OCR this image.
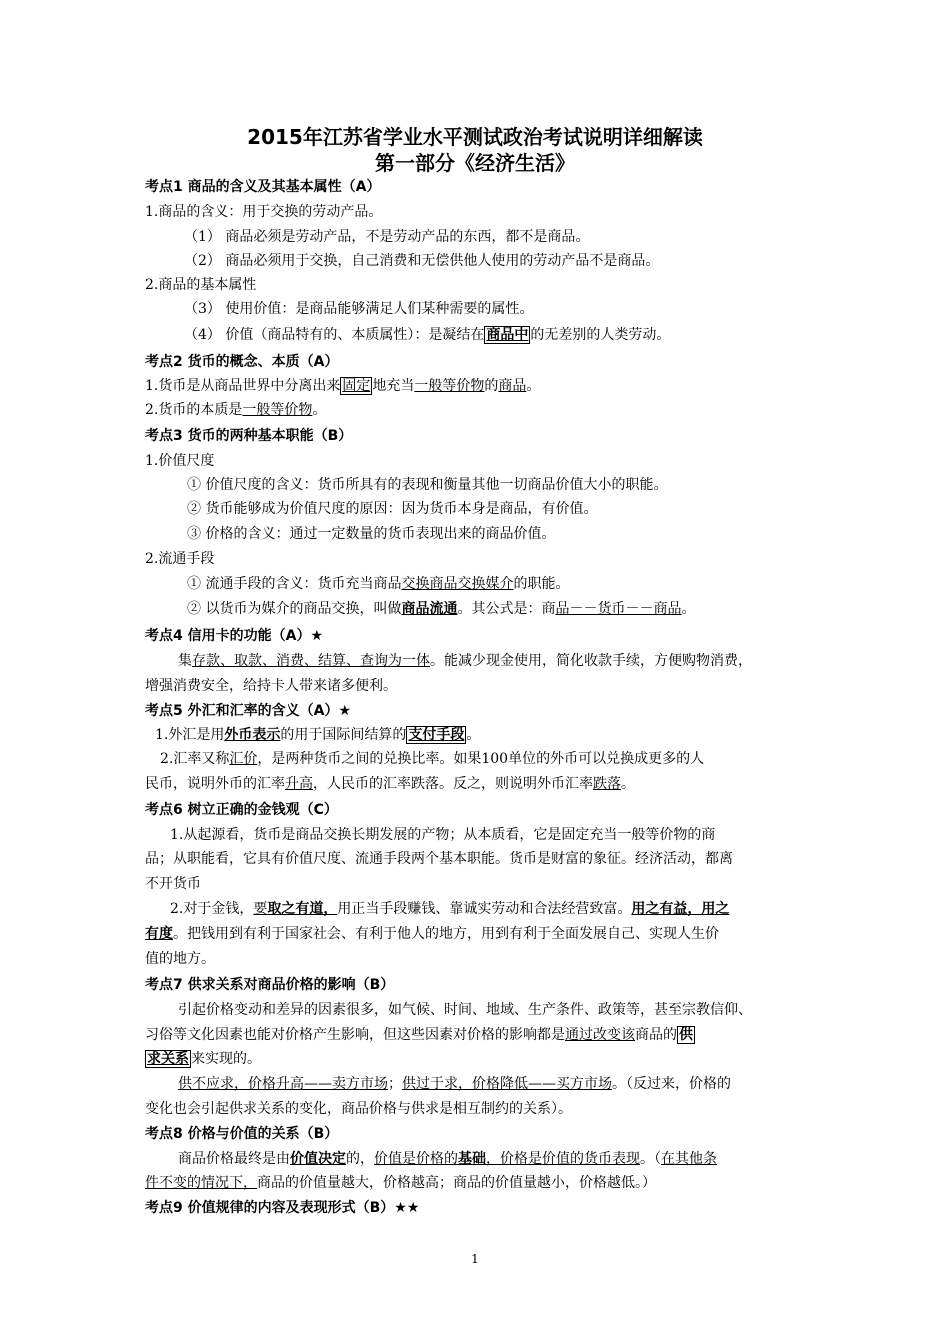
2015年江苏省学业水平测试政治考试说明详细解读
第一部分《经济生活》
考点1 商品的含义及其基本属性（A）
1.商品的含义：用于交换的劳动产品。
（1） 商品必须是劳动产品，不是劳动产品的东西，都不是商品。
（2） 商品必须用于交换，自己消费和无偿供他人使用的劳动产品不是商品。
2.商品的基本属性
（3） 使用价值：是商品能够满足人们某种需要的属性。
（4） 价值（商品特有的、本质属性）：是凝结在 商品中 的无差别的人类劳动。
考点2 货币的概念、本质（A）
1.货币是从商品世界中分离出来 固定 地充当一般等价物的商品。
2.货币的本质是一般等价物。
考点3 货币的两种基本职能（B）
1.价值尺度
① 价值尺度的含义：货币所具有的表现和衡量其他一切商品价值大小的职能。
② 货币能够成为价值尺度的原因：因为货币本身是商品，有价值。
③ 价格的含义：通过一定数量的货币表现出来的商品价值。
2.流通手段
① 流通手段的含义：货币充当商品交换商品交换媒介的职能。
② 以货币为媒介的商品交换，叫做商品流通。其公式是：商品－－货币－－商品。
考点4 信用卡的功能（A）★
集存款、取款、消费、结算、查询为一体。能减少现金使用，简化收款手续，方便购物消费，
增强消费安全，给持卡人带来诸多便利。
考点5 外汇和汇率的含义（A）★
1.外汇是用外币表示的用于国际间结算的 支付手段 。
2.汇率又称汇价，是两种货币之间的兑换比率。如果100单位的外币可以兑换成更多的人
民币，说明外币的汇率升高，人民币的汇率跌落。反之，则说明外币汇率跌落。
考点6 树立正确的金钱观（C）
1.从起源看，货币是商品交换长期发展的产物；从本质看，它是固定充当一般等价物的商
品；从职能看，它具有价值尺度、流通手段两个基本职能。货币是财富的象征。经济活动，都离
不开货币
2.对于金钱，要取之有道，用正当手段赚钱、靠诚实劳动和合法经营致富。用之有益，用之
有度。把钱用到有利于国家社会、有利于他人的地方，用到有利于全面发展自己、实现人生价
值的地方。
考点7 供求关系对商品价格的影响（B）
引起价格变动和差异的因素很多，如气候、时间、地域、生产条件、政策等，甚至宗教信仰、
习俗等文化因素也能对价格产生影响，但这些因素对价格的影响都是通过改变该商品的 供
求关系 来实现的。
供不应求，价格升高——卖方市场；供过于求，价格降低——买方市场。（反过来，价格的
变化也会引起供求关系的变化，商品价格与供求是相互制约的关系）。
考点8 价格与价值的关系（B）
商品价格最终是由价值决定的，价值是价格的基础，价格是价值的货币表现。（在其他条
件不变的情况下，商品的价值量越大，价格越高；商品的价值量越小，价格越低。）
考点9 价值规律的内容及表现形式（B）★★
1
